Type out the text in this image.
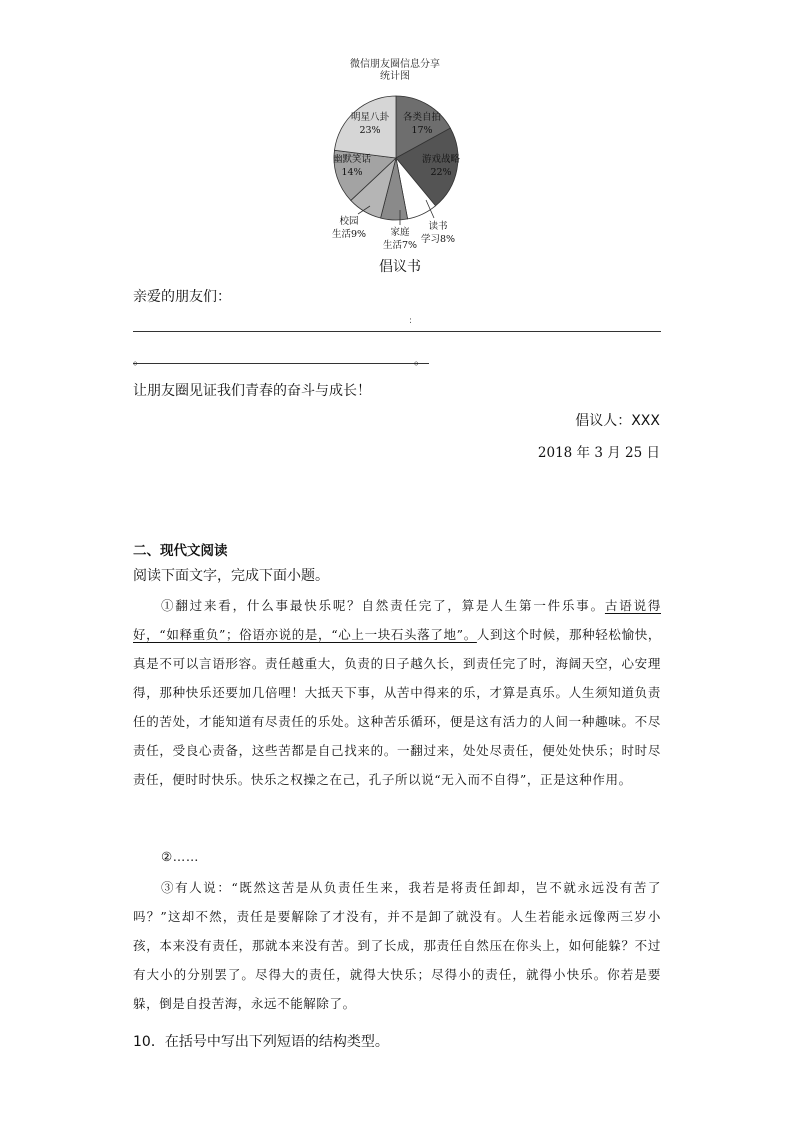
微信朋友圈信息分享
统计图
各类自拍 17%
游戏战略 22%
读书学习8%
家庭生活7%
校园生活9%
幽默笑话 14%
明星八卦 23%
倡议书
亲爱的朋友们：
:
。	。
让朋友圈见证我们青春的奋斗与成长！
倡议人：XXX
2018 年 3 月 25 日
二、现代文阅读
阅读下面文字，完成下面小题。
①翻过来看，什么事最快乐呢？自然责任完了，算是人生第一件乐事。古语说得好，“如释重负”；俗语亦说的是，“心上一块石头落了地”。人到这个时候，那种轻松愉快，真是不可以言语形容。责任越重大，负责的日子越久长，到责任完了时，海阔天空，心安理得，那种快乐还要加几倍哩！大抵天下事，从苦中得来的乐，才算是真乐。人生须知道负责任的苦处，才能知道有尽责任的乐处。这种苦乐循环，便是这有活力的人间一种趣味。不尽责任，受良心责备，这些苦都是自己找来的。一翻过来，处处尽责任，便处处快乐；时时尽责任，便时时快乐。快乐之权操之在己，孔子所以说“无入而不自得”，正是这种作用。
②……
③有人说：“既然这苦是从负责任生来，我若是将责任卸却，岂不就永远没有苦了吗？”这却不然，责任是要解除了才没有，并不是卸了就没有。人生若能永远像两三岁小孩，本来没有责任，那就本来没有苦。到了长成，那责任自然压在你头上，如何能躲？不过有大小的分别罢了。尽得大的责任，就得大快乐；尽得小的责任，就得小快乐。你若是要躲，倒是自投苦海，永远不能解除了。
10．在括号中写出下列短语的结构类型。
